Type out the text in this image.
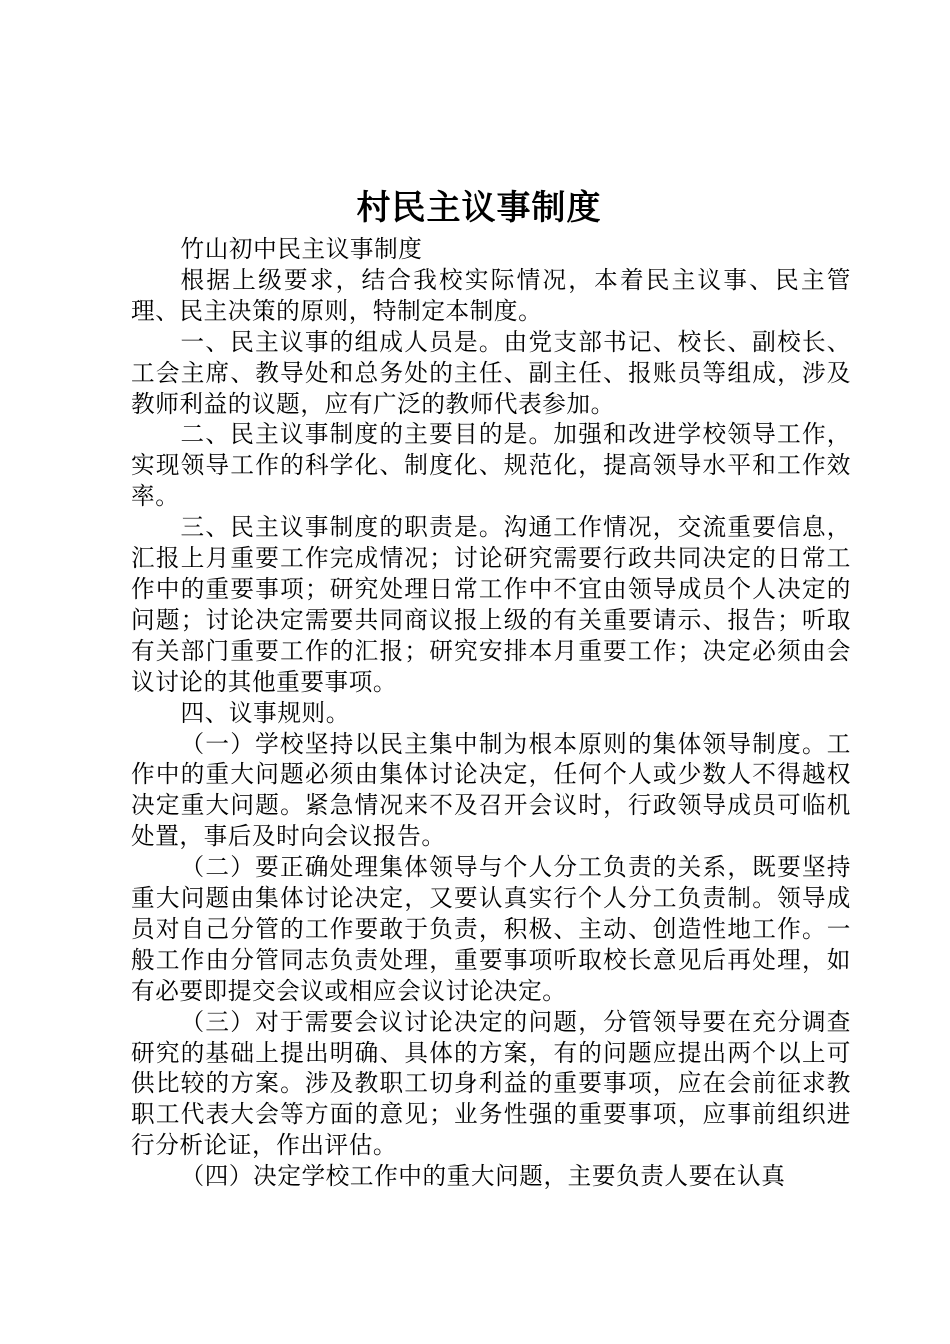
村民主议事制度

竹山初中民主议事制度

根据上级要求，结合我校实际情况，本着民主议事、民主管理、民主决策的原则，特制定本制度。

一、民主议事的组成人员是。由党支部书记、校长、副校长、工会主席、教导处和总务处的主任、副主任、报账员等组成，涉及教师利益的议题，应有广泛的教师代表参加。

二、民主议事制度的主要目的是。加强和改进学校领导工作，实现领导工作的科学化、制度化、规范化，提高领导水平和工作效率。

三、民主议事制度的职责是。沟通工作情况，交流重要信息，汇报上月重要工作完成情况；讨论研究需要行政共同决定的日常工作中的重要事项；研究处理日常工作中不宜由领导成员个人决定的问题；讨论决定需要共同商议报上级的有关重要请示、报告；听取有关部门重要工作的汇报；研究安排本月重要工作；决定必须由会议讨论的其他重要事项。

四、议事规则。

（一）学校坚持以民主集中制为根本原则的集体领导制度。工作中的重大问题必须由集体讨论决定，任何个人或少数人不得越权决定重大问题。紧急情况来不及召开会议时，行政领导成员可临机处置，事后及时向会议报告。

（二）要正确处理集体领导与个人分工负责的关系，既要坚持重大问题由集体讨论决定，又要认真实行个人分工负责制。领导成员对自己分管的工作要敢于负责，积极、主动、创造性地工作。一般工作由分管同志负责处理，重要事项听取校长意见后再处理，如有必要即提交会议或相应会议讨论决定。

（三）对于需要会议讨论决定的问题，分管领导要在充分调查研究的基础上提出明确、具体的方案，有的问题应提出两个以上可供比较的方案。涉及教职工切身利益的重要事项，应在会前征求教职工代表大会等方面的意见；业务性强的重要事项，应事前组织进行分析论证，作出评估。

（四）决定学校工作中的重大问题，主要负责人要在认真
